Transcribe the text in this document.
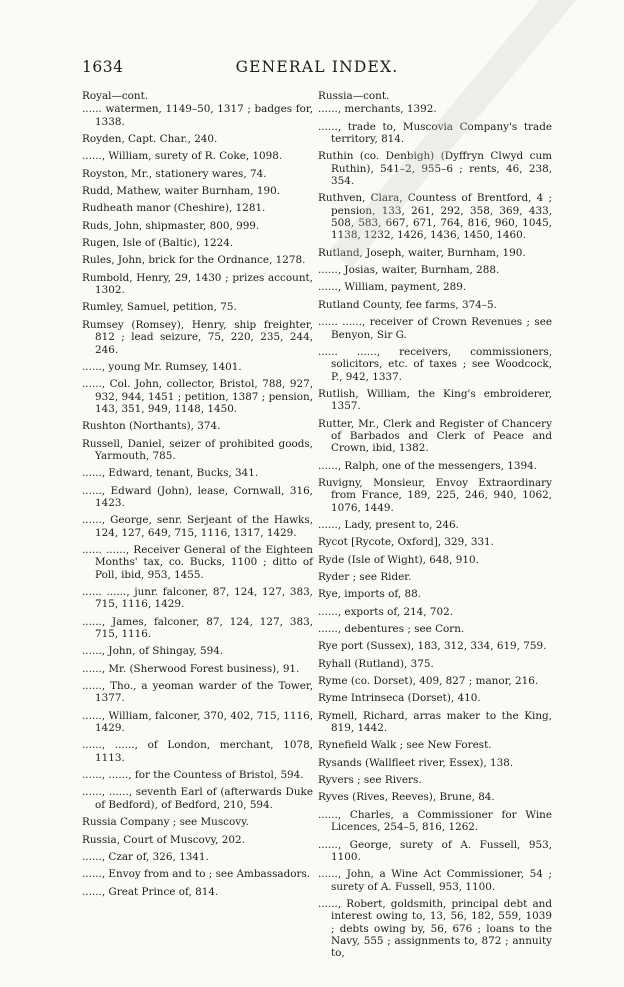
GENERAL INDEX.
1634

Royal—cont.

...... watermen, 1149–50, 1317 ; badges for, 1338.

Royden, Capt. Char., 240.

......, William, surety of R. Coke, 1098.

Royston, Mr., stationery wares, 74.

Rudd, Mathew, waiter Burnham, 190.

Rudheath manor (Cheshire), 1281.

Ruds, John, shipmaster, 800, 999.

Rugen, Isle of (Baltic), 1224.

Rules, John, brick for the Ordnance, 1278.

Rumbold, Henry, 29, 1430 ; prizes account, 1302.

Rumley, Samuel, petition, 75.

Rumsey (Romsey), Henry, ship freighter, 812 ; lead seizure, 75, 220, 235, 244, 246.

......, young Mr. Rumsey, 1401.

......, Col. John, collector, Bristol, 788, 927, 932, 944, 1451 ; petition, 1387 ; pension, 143, 351, 949, 1148, 1450.

Rushton (Northants), 374.

Russell, Daniel, seizer of prohibited goods, Yarmouth, 785.

......, Edward, tenant, Bucks, 341.

......, Edward (John), lease, Cornwall, 316, 1423.

......, George, senr. Serjeant of the Hawks, 124, 127, 649, 715, 1116, 1317, 1429.

...... ......, Receiver General of the Eighteen Months' tax, co. Bucks, 1100 ; ditto of Poll, ibid, 953, 1455.

...... ......, junr. falconer, 87, 124, 127, 383, 715, 1116, 1429.

......, James, falconer, 87, 124, 127, 383, 715, 1116.

......, John, of Shingay, 594.

......, Mr. (Sherwood Forest business), 91.

......, Tho., a yeoman warder of the Tower, 1377.

......, William, falconer, 370, 402, 715, 1116, 1429.

......, ......, of London, merchant, 1078, 1113.

......, ......, for the Countess of Bristol, 594.

......, ......, seventh Earl of (afterwards Duke of Bedford), of Bedford, 210, 594.

Russia Company ; see Muscovy.

Russia, Court of Muscovy, 202.

......, Czar of, 326, 1341.

......, Envoy from and to ; see Ambassadors.

......, Great Prince of, 814.

Russia—cont.

......, merchants, 1392.

......, trade to, Muscovia Company's trade territory, 814.

Ruthin (co. Denbigh) (Dyffryn Clwyd cum Ruthin), 541–2, 955–6 ; rents, 46, 238, 354.

Ruthven, Clara, Countess of Brentford, 4 ; pension, 133, 261, 292, 358, 369, 433, 508, 583, 667, 671, 764, 816, 960, 1045, 1138, 1232, 1426, 1436, 1450, 1460.

Rutland, Joseph, waiter, Burnham, 190.

......, Josias, waiter, Burnham, 288.

......, William, payment, 289.

Rutland County, fee farms, 374–5.

...... ......, receiver of Crown Revenues ; see Benyon, Sir G.

...... ......, receivers, commissioners, solicitors, etc. of taxes ; see Woodcock, P., 942, 1337.

Rutlish, William, the King's embroiderer, 1357.

Rutter, Mr., Clerk and Register of Chancery of Barbados and Clerk of Peace and Crown, ibid, 1382.

......, Ralph, one of the messengers, 1394.

Ruvigny, Monsieur, Envoy Extraordinary from France, 189, 225, 246, 940, 1062, 1076, 1449.

......, Lady, present to, 246.

Rycot [Rycote, Oxford], 329, 331.

Ryde (Isle of Wight), 648, 910.

Ryder ; see Rider.

Rye, imports of, 88.

......, exports of, 214, 702.

......, debentures ; see Corn.

Rye port (Sussex), 183, 312, 334, 619, 759.

Ryhall (Rutland), 375.

Ryme (co. Dorset), 409, 827 ; manor, 216.

Ryme Intrinseca (Dorset), 410.

Rymell, Richard, arras maker to the King, 819, 1442.

Rynefield Walk ; see New Forest.

Rysands (Wallfleet river, Essex), 138.

Ryvers ; see Rivers.

Ryves (Rives, Reeves), Brune, 84.

......, Charles, a Commissioner for Wine Licences, 254–5, 816, 1262.

......, George, surety of A. Fussell, 953, 1100.

......, John, a Wine Act Commissioner, 54 ; surety of A. Fussell, 953, 1100.

......, Robert, goldsmith, principal debt and interest owing to, 13, 56, 182, 559, 1039 ; debts owing by, 56, 676 ; loans to the Navy, 555 ; assignments to, 872 ; annuity to,
